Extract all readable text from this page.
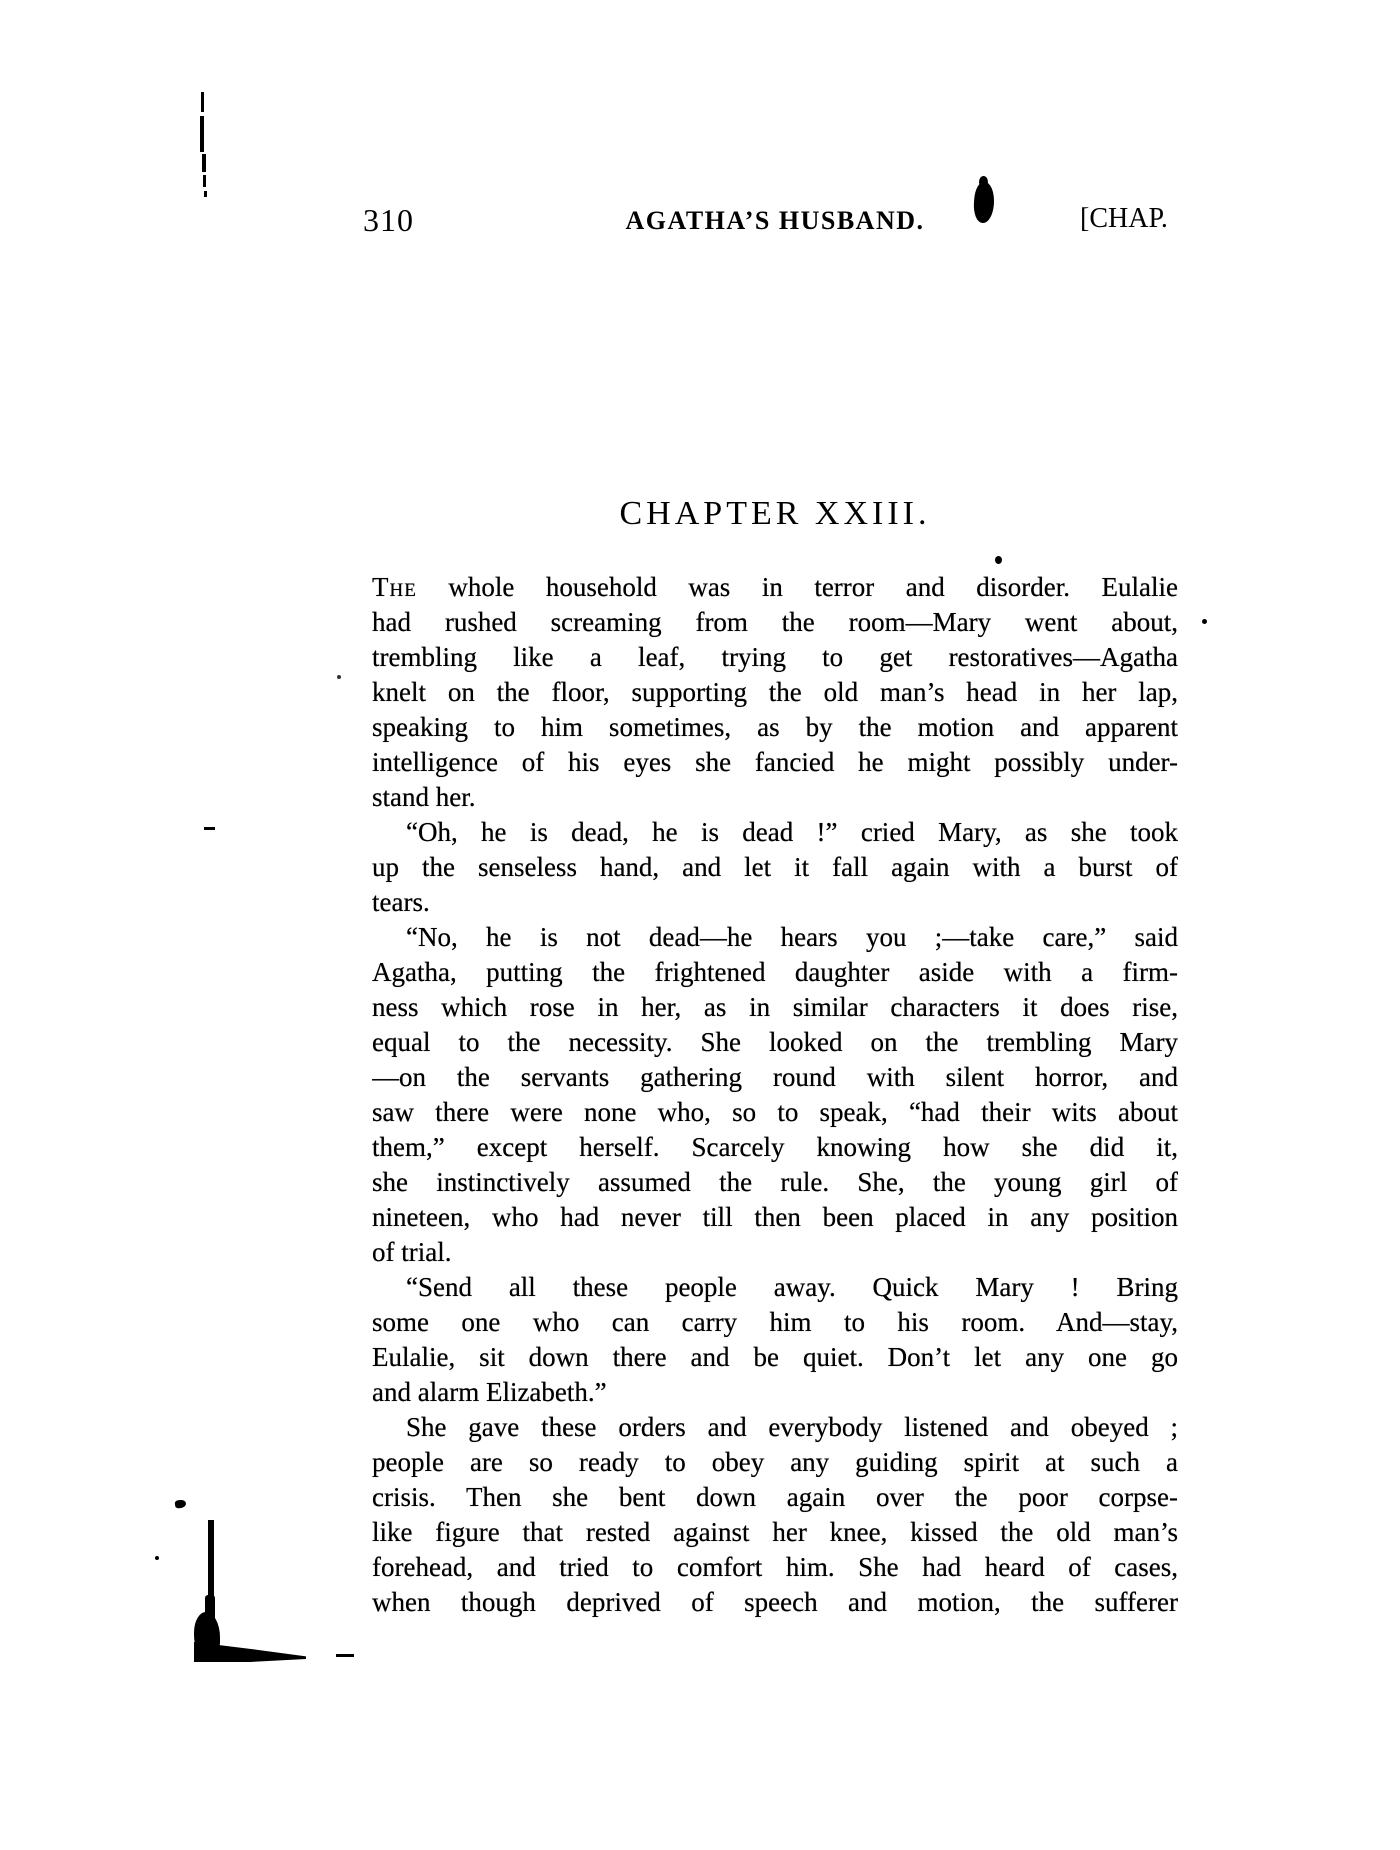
310	AGATHA’S HUSBAND.	[CHAP.
CHAPTER XXIII.
The whole household was in terror and disorder. Eulalie
had rushed screaming from the room—Mary went about,
trembling like a leaf, trying to get restoratives—Agatha
knelt on the floor, supporting the old man’s head in her lap,
speaking to him sometimes, as by the motion and apparent
intelligence of his eyes she fancied he might possibly under-
stand her.
“Oh, he is dead, he is dead !” cried Mary, as she took
up the senseless hand, and let it fall again with a burst of
tears.
“No, he is not dead—he hears you ;—take care,” said
Agatha, putting the frightened daughter aside with a firm-
ness which rose in her, as in similar characters it does rise,
equal to the necessity. She looked on the trembling Mary
—on the servants gathering round with silent horror, and
saw there were none who, so to speak, “had their wits about
them,” except herself. Scarcely knowing how she did it,
she instinctively assumed the rule. She, the young girl of
nineteen, who had never till then been placed in any position
of trial.
“Send all these people away. Quick Mary ! Bring
some one who can carry him to his room. And—stay,
Eulalie, sit down there and be quiet. Don’t let any one go
and alarm Elizabeth.”
She gave these orders and everybody listened and obeyed ;
people are so ready to obey any guiding spirit at such a
crisis. Then she bent down again over the poor corpse-
like figure that rested against her knee, kissed the old man’s
forehead, and tried to comfort him. She had heard of cases,
when though deprived of speech and motion, the sufferer
